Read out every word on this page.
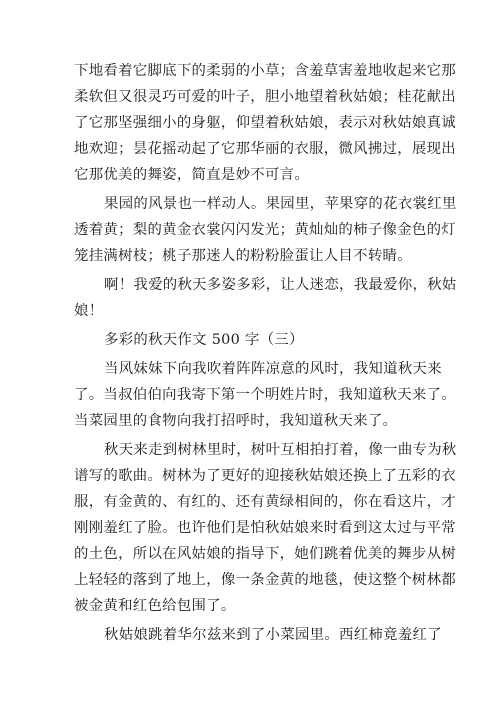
下地看着它脚底下的柔弱的小草；含羞草害羞地收起来它那
柔软但又很灵巧可爱的叶子，胆小地望着秋姑娘；桂花献出
了它那坚强细小的身躯，仰望着秋姑娘，表示对秋姑娘真诚
地欢迎；昙花摇动起了它那华丽的衣服，微风拂过，展现出
它那优美的舞姿，简直是妙不可言。
果园的风景也一样动人。果园里，苹果穿的花衣裳红里
透着黄；梨的黄金衣裳闪闪发光；黄灿灿的柿子像金色的灯
笼挂满树枝；桃子那迷人的粉粉脸蛋让人目不转睛。
啊！我爱的秋天多姿多彩，让人迷恋，我最爱你，秋姑
娘！
多彩的秋天作文 500 字（三）
当风妹妹下向我吹着阵阵凉意的风时，我知道秋天来
了。当叔伯伯向我寄下第一个明姓片时，我知道秋天来了。
当菜园里的食物向我打招呼时，我知道秋天来了。
秋天来走到树林里时，树叶互相拍打着，像一曲专为秋
谱写的歌曲。树林为了更好的迎接秋姑娘还换上了五彩的衣
服，有金黄的、有红的、还有黄绿相间的，你在看这片，才
刚刚羞红了脸。也许他们是怕秋姑娘来时看到这太过与平常
的土色，所以在风姑娘的指导下，她们跳着优美的舞步从树
上轻轻的落到了地上，像一条金黄的地毯，使这整个树林都
被金黄和红色给包围了。
秋姑娘跳着华尔兹来到了小菜园里。西红柿竟羞红了
